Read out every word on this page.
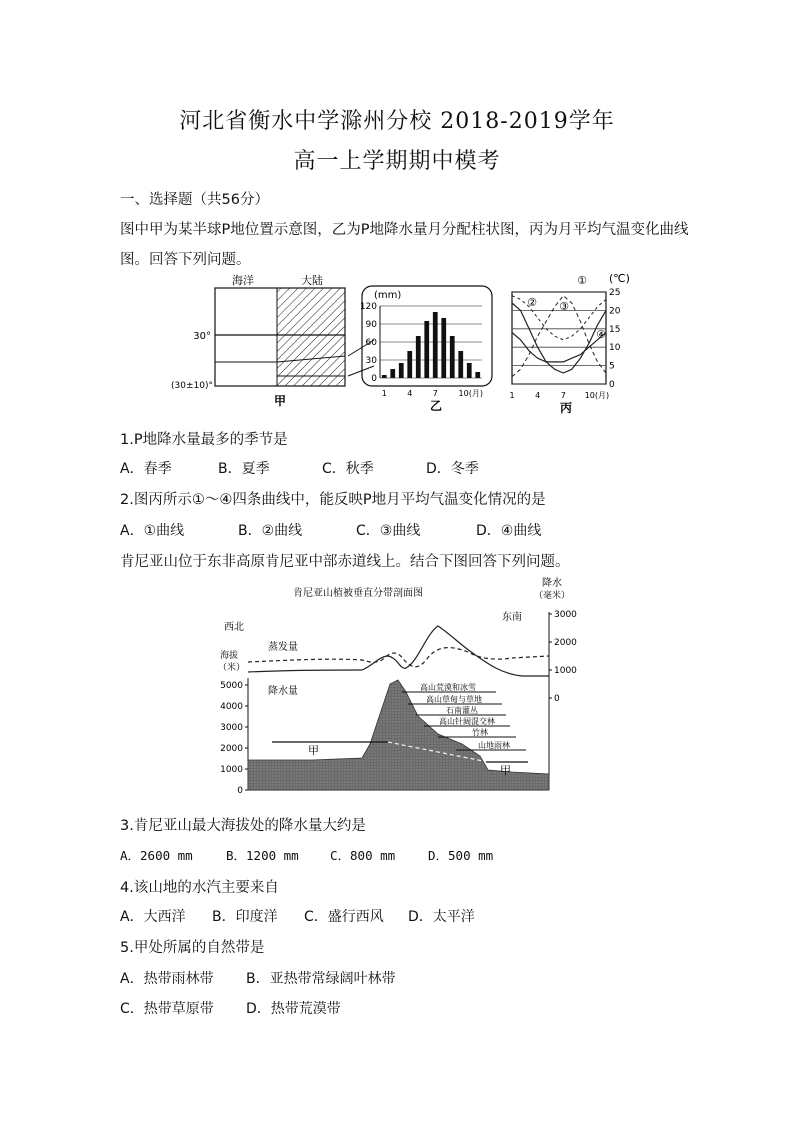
河北省衡水中学滁州分校 2018-2019学年
高一上学期期中模考
一、选择题（共56分）
图中甲为某半球P地位置示意图，乙为P地降水量月分配柱状图，丙为月平均气温变化曲线
图。回答下列问题。
海洋	大陆
30°
(30±10)°
甲
(mm)
120
90
60
30
0
1	4	7	10(月)
乙
(℃)
25
20
15
10
5
0
①
② ③
④
1	4	7 10(月)
丙
1.P地降水量最多的季节是
A．春季	B．夏季	C．秋季	D．冬季
2.图丙所示①～④四条曲线中，能反映P地月平均气温变化情况的是
A．①曲线	B．②曲线	C．③曲线	D．④曲线
肯尼亚山位于东非高原肯尼亚中部赤道线上。结合下图回答下列问题。
肯尼亚山植被垂直分带剖面图
降水
（毫米）
西北
东南
海拔
（米）
5000
4000
3000
2000
1000
0
3000
2000
1000
0
蒸发量
降水量
甲
甲
高山荒漠和冰雪
高山草甸与草地
石南灌丛
高山针阔混交林
竹林
山地雨林
3.肯尼亚山最大海拔处的降水量大约是
A．2600 mm	B．1200 mm	C．800 mm	D．500 mm
4.该山地的水汽主要来自
A．大西洋 B．印度洋 C．盛行西风 D．太平洋
5.甲处所属的自然带是
A．热带雨林带 B．亚热带常绿阔叶林带
C．热带草原带 D．热带荒漠带
